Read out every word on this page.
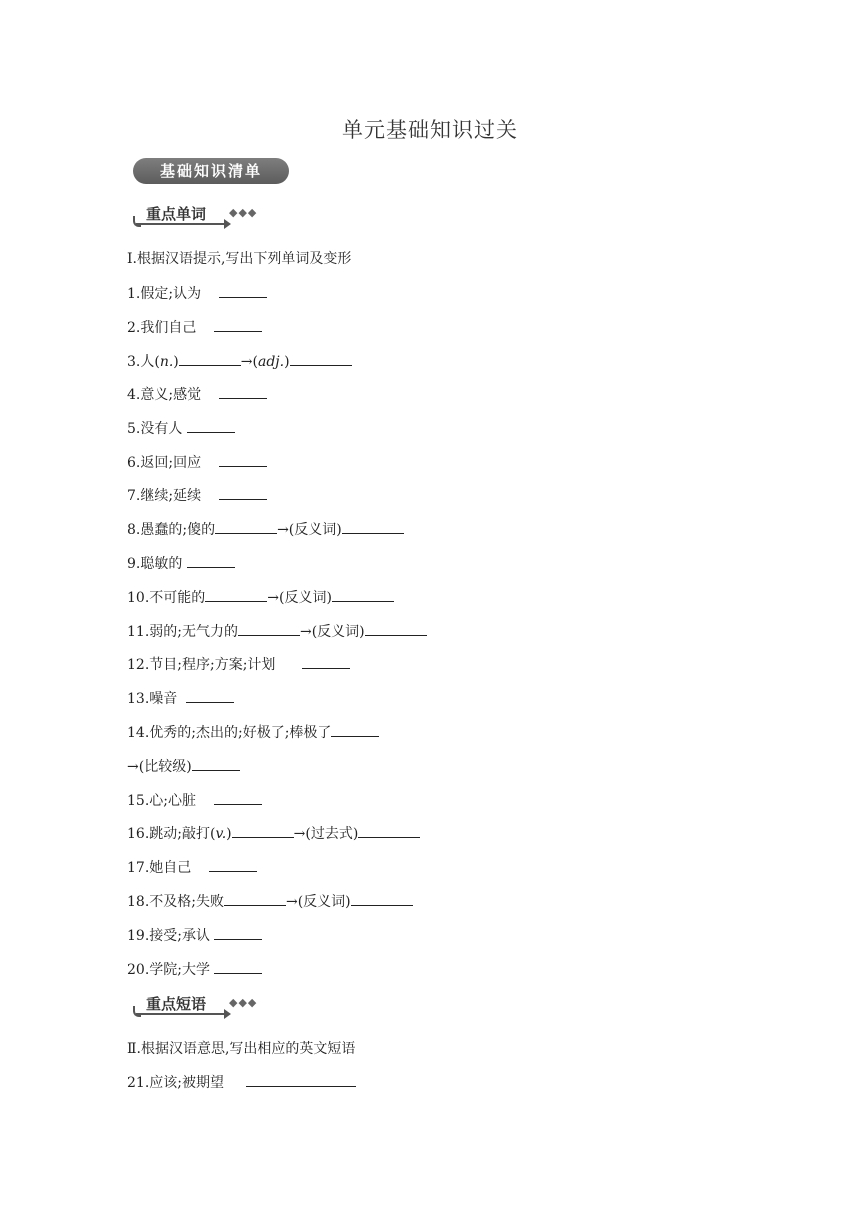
单元基础知识过关
基础知识清单
重点单词 ◆◆◆
Ⅰ.根据汉语提示,写出下列单词及变形
1.假定;认为
2.我们自己
3.人(n.)	→(adj.)
4.意义;感觉
5.没有人
6.返回;回应
7.继续;延续
8.愚蠢的;傻的	→(反义词)
9.聪敏的
10.不可能的	→(反义词)
11.弱的;无气力的	→(反义词)
12.节目;程序;方案;计划
13.噪音
14.优秀的;杰出的;好极了;棒极了
→(比较级)
15.心;心脏
16.跳动;敲打(v.)	→(过去式)
17.她自己
18.不及格;失败	→(反义词)
19.接受;承认
20.学院;大学
重点短语 ◆◆◆
Ⅱ.根据汉语意思,写出相应的英文短语
21.应该;被期望
